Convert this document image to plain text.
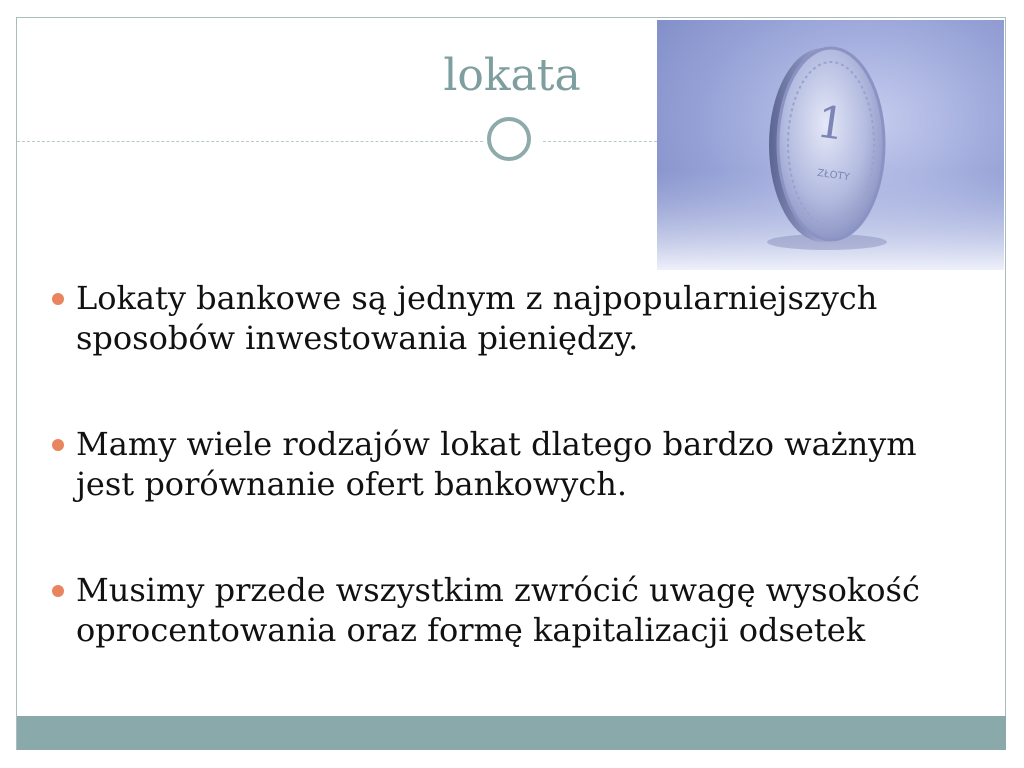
1
ZŁOTY
lokata
Lokaty bankowe są jednym z najpopularniejszych sposobów inwestowania pieniędzy.
Mamy wiele rodzajów lokat dlatego bardzo ważnym jest porównanie ofert bankowych.
Musimy przede wszystkim zwrócić uwagę wysokość oprocentowania oraz formę kapitalizacji odsetek
